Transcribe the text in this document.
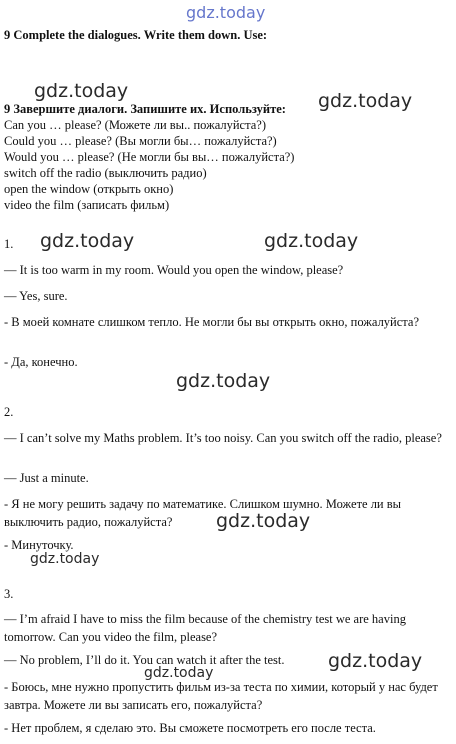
gdz.today
gdz.today	gdz.today
gdz.today	gdz.today
gdz.today
gdz.today
gdz.today
gdz.today
gdz.today
9 Complete the dialogues. Write them down. Use:
9 Завершите диалоги. Запишите их. Используйте:
Can you … please? (Можете ли вы.. пожалуйста?)
Could you … please? (Вы могли бы… пожалуйста?)
Would you … please? (Не могли бы вы… пожалуйста?)
switch off the radio (выключить радио)
open the window (открыть окно)
video the film (записать фильм)
1.
— It is too warm in my room. Would you open the window, please?
— Yes, sure.
- В моей комнате слишком тепло. Не могли бы вы открыть окно, пожалуйста?
- Да, конечно.
2.
— I can’t solve my Maths problem. It’s too noisy. Can you switch off the radio, please?
— Just a minute.
- Я не могу решить задачу по математике. Слишком шумно. Можете ли вы выключить радио, пожалуйста?
- Минуточку.
3.
— I’m afraid I have to miss the film because of the chemistry test we are having tomorrow. Can you video the film, please?
— No problem, I’ll do it. You can watch it after the test.
- Боюсь, мне нужно пропустить фильм из-за теста по химии, который у нас будет завтра. Можете ли вы записать его, пожалуйста?
- Нет проблем, я сделаю это. Вы сможете посмотреть его после теста.
